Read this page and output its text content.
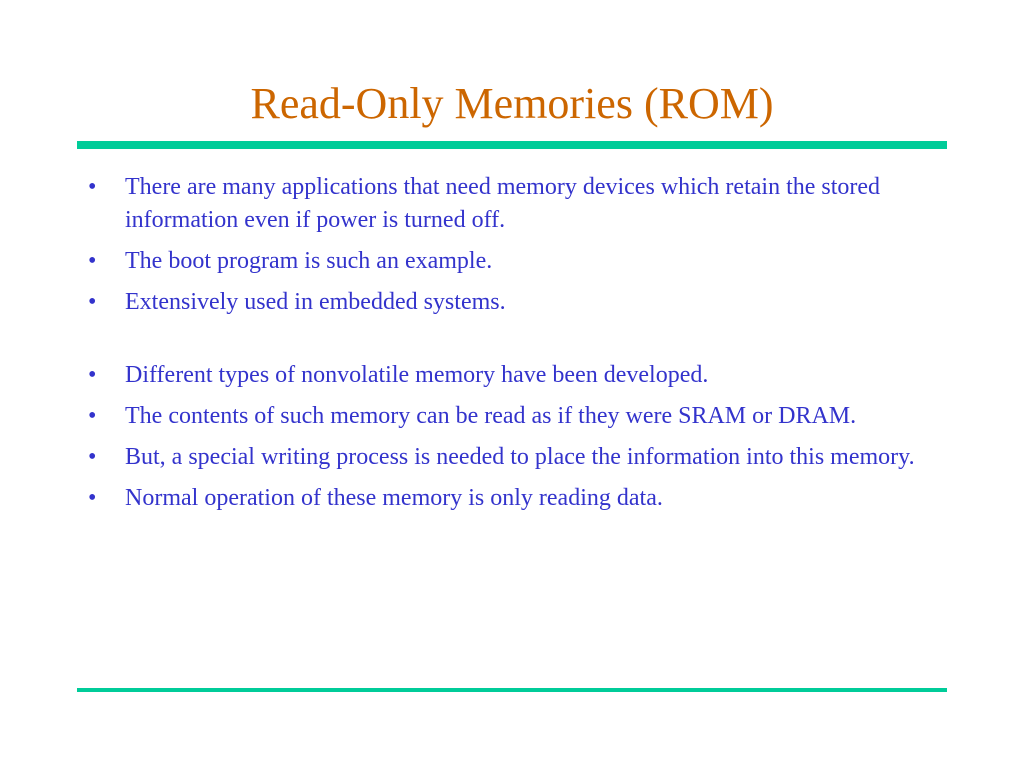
Read-Only Memories (ROM)
• There are many applications that need memory devices which retain the stored information even if power is turned off.
• The boot program is such an example.
• Extensively used in embedded systems.
• Different types of nonvolatile memory have been developed.
• The contents of such memory can be read as if they were SRAM or DRAM.
• But, a special writing process is needed to place the information into this memory.
• Normal operation of these memory is only reading data.
